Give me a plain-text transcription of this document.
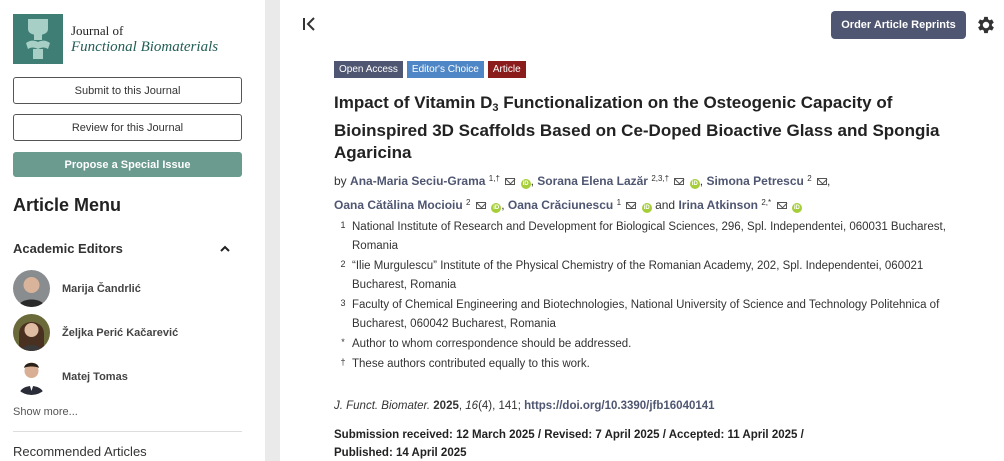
Journal of
Functional Biomaterials
Submit to this Journal
Review for this Journal
Propose a Special Issue
Article Menu
Academic Editors
Marija Čandrlić
Željka Perić Kačarević
Matej Tomas
Show more...
Recommended Articles
Order Article Reprints
Open Access	Editor's Choice	Article
Impact of Vitamin $D_3$ Functionalization on the Osteogenic Capacity of Bioinspired 3D Scaffolds Based on Ce-Doped Bioactive Glass and Spongia Agaricina
by Ana-Maria Seciu-Grama $^{1,\dagger}$  iD , Sorana Elena Lazăr $^{2,3,\dagger}$  iD , Simona Petrescu $^2$ ,
Oana Cătălina Mocioiu $^2$  iD , Oana Crăciunescu $^1$  iD and Irina Atkinson $^{2,*}$  iD
1 National Institute of Research and Development for Biological Sciences, 296, Spl. Independentei, 060031 Bucharest, Romania
2 “Ilie Murgulescu” Institute of the Physical Chemistry of the Romanian Academy, 202, Spl. Independentei, 060021 Bucharest, Romania
3 Faculty of Chemical Engineering and Biotechnologies, National University of Science and Technology Politehnica of Bucharest, 060042 Bucharest, Romania
* Author to whom correspondence should be addressed.
† These authors contributed equally to this work.
J. Funct. Biomater. 2025, 16(4), 141; https://doi.org/10.3390/jfb16040141
Submission received: 12 March 2025 / Revised: 7 April 2025 / Accepted: 11 April 2025 / Published: 14 April 2025
